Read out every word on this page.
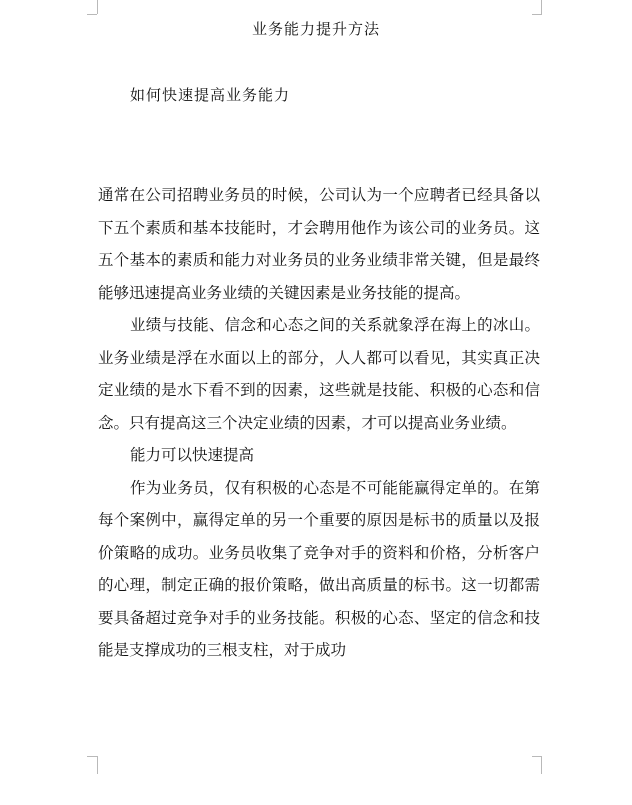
业务能力提升方法
如何快速提高业务能力

通常在公司招聘业务员的时候，公司认为一个应聘者已经具备以下五个素质和基本技能时，才会聘用他作为该公司的业务员。这五个基本的素质和能力对业务员的业务业绩非常关键，但是最终能够迅速提高业务业绩的关键因素是业务技能的提高。

业绩与技能、信念和心态之间的关系就象浮在海上的冰山。业务业绩是浮在水面以上的部分，人人都可以看见，其实真正决定业绩的是水下看不到的因素，这些就是技能、积极的心态和信念。只有提高这三个决定业绩的因素，才可以提高业务业绩。

能力可以快速提高

作为业务员，仅有积极的心态是不可能能赢得定单的。在第每个案例中，赢得定单的另一个重要的原因是标书的质量以及报价策略的成功。业务员收集了竞争对手的资料和价格，分析客户的心理，制定正确的报价策略，做出高质量的标书。这一切都需要具备超过竞争对手的业务技能。积极的心态、坚定的信念和技能是支撑成功的三根支柱，对于成功
